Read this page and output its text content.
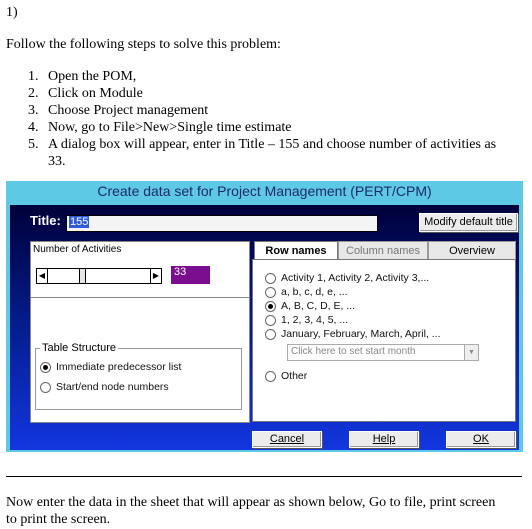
1)
Follow the following steps to solve this problem:
1. Open the POM,
2. Click on Module
3. Choose Project management
4. Now, go to File>New>Single time estimate
5. A dialog box will appear, enter in Title – 155 and choose number of activities as
33.
Create data set for Project Management (PERT/CPM)
Title: 155	Modify default title
Number of Activities
◀	▶ 33
Table Structure
Immediate predecessor list
Start/end node numbers
Row names	Column names	Overview
Activity 1, Activity 2, Activity 3,...
a, b, c, d, e, ...
A, B, C, D, E, ...
1, 2, 3, 4, 5, ...
January, February, March, April, ...
Click here to set start month	▼
Other
Cancel	Help	OK
Now enter the data in the sheet that will appear as shown below, Go to file, print screen
to print the screen.
